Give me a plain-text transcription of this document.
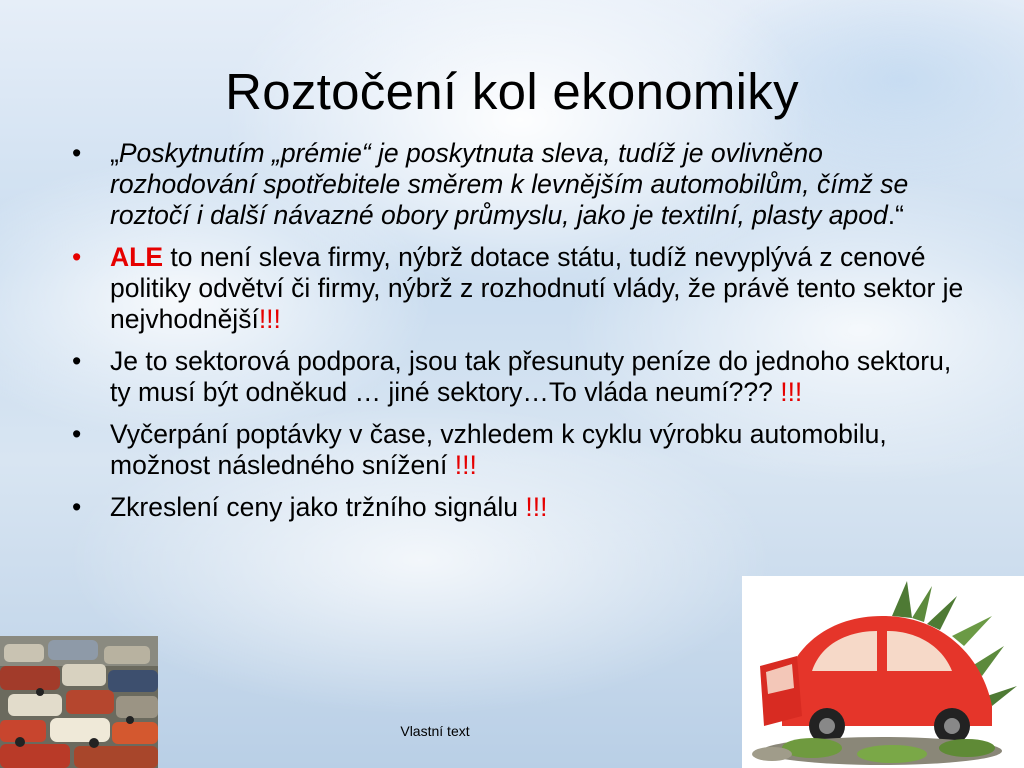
Roztočení kol ekonomiky
• „Poskytnutím „prémie“ je poskytnuta sleva, tudíž je ovlivněno rozhodování spotřebitele směrem k levnějším automobilům, čímž se roztočí i další návazné obory průmyslu, jako je textilní, plasty apod.“
• ALE to není sleva firmy, nýbrž dotace státu, tudíž nevyplývá z cenové politiky odvětví či firmy, nýbrž z rozhodnutí vlády, že právě tento sektor je nejvhodnější!!!
• Je to sektorová podpora, jsou tak přesunuty peníze do jednoho sektoru, ty musí být odněkud … jiné sektory…To vláda neumí??? !!!
• Vyčerpání poptávky v čase, vzhledem k cyklu výrobku automobilu, možnost následného snížení !!!
• Zkreslení ceny jako tržního signálu !!!
Vlastní text
